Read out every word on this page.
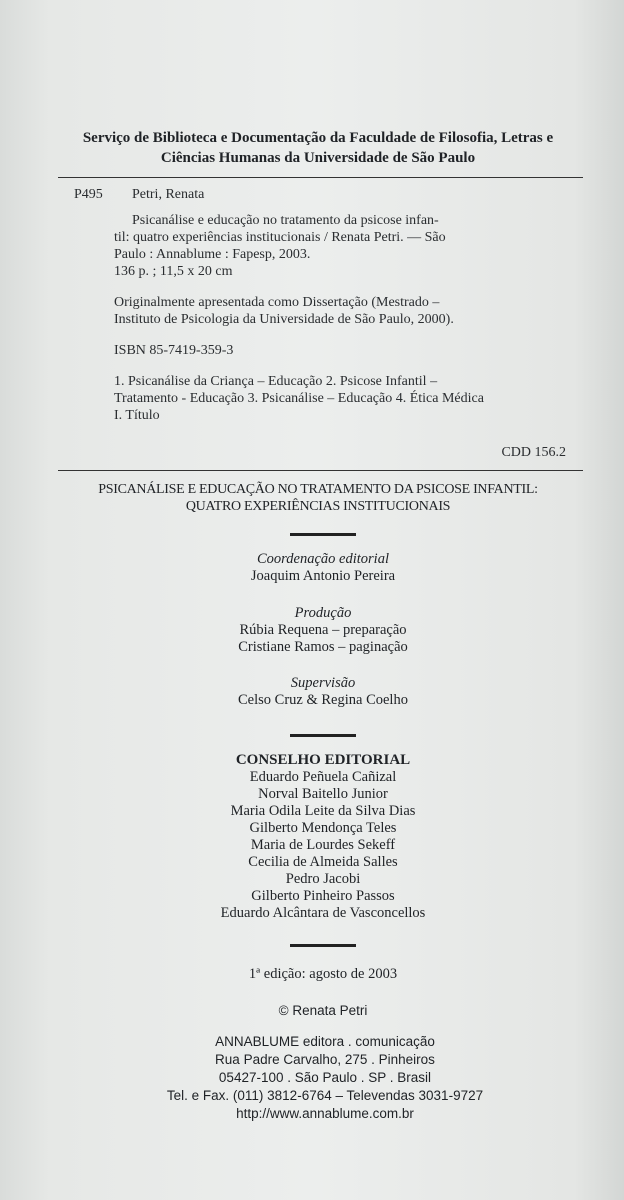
Serviço de Biblioteca e Documentação da Faculdade de Filosofia, Letras e
Ciências Humanas da Universidade de São Paulo
P495 Petri, Renata

Psicanálise e educação no tratamento da psicose infan-

til: quatro experiências institucionais / Renata Petri. — São

Paulo : Annablume : Fapesp, 2003.

136 p. ; 11,5 x 20 cm

Originalmente apresentada como Dissertação (Mestrado –

Instituto de Psicologia da Universidade de São Paulo, 2000).

ISBN 85-7419-359-3

1. Psicanálise da Criança – Educação 2. Psicose Infantil –

Tratamento - Educação 3. Psicanálise – Educação 4. Ética Médica

I. Título

CDD 156.2
PSICANÁLISE E EDUCAÇÃO NO TRATAMENTO DA PSICOSE INFANTIL:
QUATRO EXPERIÊNCIAS INSTITUCIONAIS
Coordenação editorial
Joaquim Antonio Pereira
Produção
Rúbia Requena – preparação
Cristiane Ramos – paginação
Supervisão
Celso Cruz & Regina Coelho
CONSELHO EDITORIAL
Eduardo Peñuela Cañizal
Norval Baitello Junior
Maria Odila Leite da Silva Dias
Gilberto Mendonça Teles
Maria de Lourdes Sekeff
Cecilia de Almeida Salles
Pedro Jacobi
Gilberto Pinheiro Passos
Eduardo Alcântara de Vasconcellos
1ª edição: agosto de 2003
© Renata Petri
ANNABLUME editora . comunicação
Rua Padre Carvalho, 275 . Pinheiros
05427-100 . São Paulo . SP . Brasil
Tel. e Fax. (011) 3812-6764 – Televendas 3031-9727
http://www.annablume.com.br
